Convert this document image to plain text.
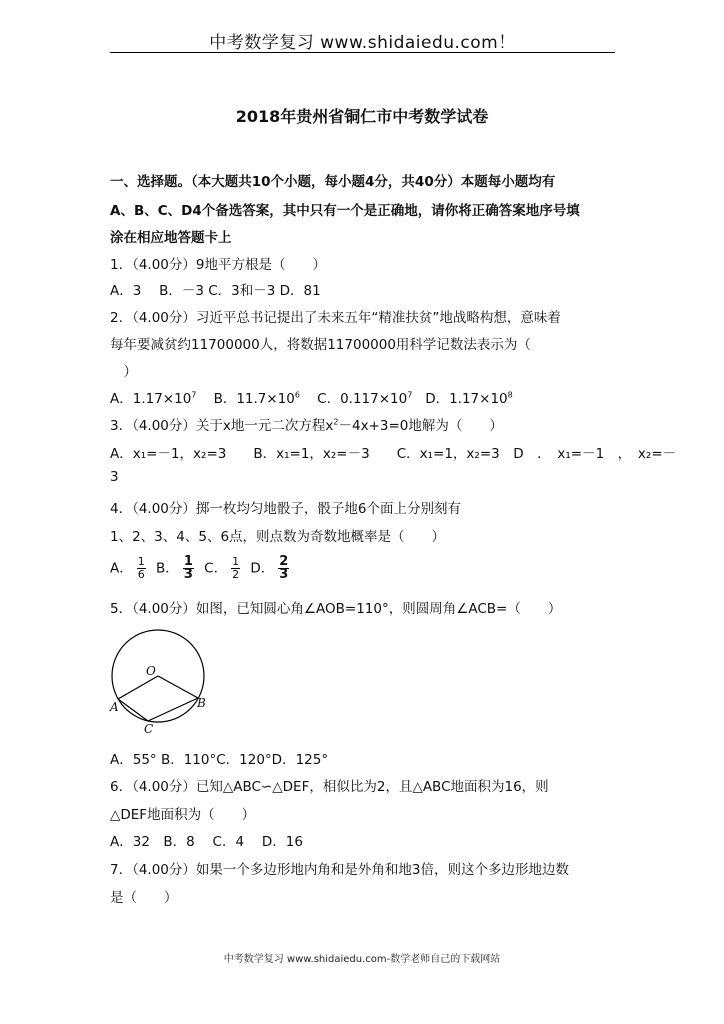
中考数学复习 www.shidaiedu.com！
2018年贵州省铜仁市中考数学试卷
一、选择题。（本大题共10个小题，每小题4分，共40分）本题每小题均有
A、B、C、D4个备选答案，其中只有一个是正确地，请你将正确答案地序号填
涂在相应地答题卡上
1．（4.00分）9地平方根是（　　）
A．3　 B．－3 C．3和－3 D．81
2．（4.00分）习近平总书记提出了未来五年“精准扶贫”地战略构想，意味着
每年要减贫约11700000人，将数据11700000用科学记数法表示为（
　）
A．$1.17\times 10^7$ B．$11.7\times 10^6$ C．$0.117\times 10^7$ D．$1.17\times 10^8$
3．（4.00分）关于x地一元二次方程$x^2-4x+3=0$地解为（　　）
A．x₁=－1，x₂=3　　B．x₁=1，x₂=－3　　C．x₁=1，x₂=3　D　．　x₁=－1　，　x₂=－
3
4．（4.00分）掷一枚均匀地骰子，骰子地6个面上分别刻有
1、2、3、4、5、6点，则点数为奇数地概率是（　　）
A． $\frac{1}{6}$ B． $\frac{1}{3}$ C． $\frac{1}{2}$ D． $\frac{2}{3}$
5．（4.00分）如图，已知圆心角∠AOB=110°，则圆周角∠ACB=（　　）
O
A	B
C
A．55° B．110°C．120°D．125°
6．（4.00分）已知△ABC∽△DEF，相似比为2，且△ABC地面积为16，则
△DEF地面积为（　　）
A．32　B．8　 C．4　 D．16
7．（4.00分）如果一个多边形地内角和是外角和地3倍，则这个多边形地边数
是（　　）
中考数学复习 www.shidaiedu.com-数学老师自己的下载网站
